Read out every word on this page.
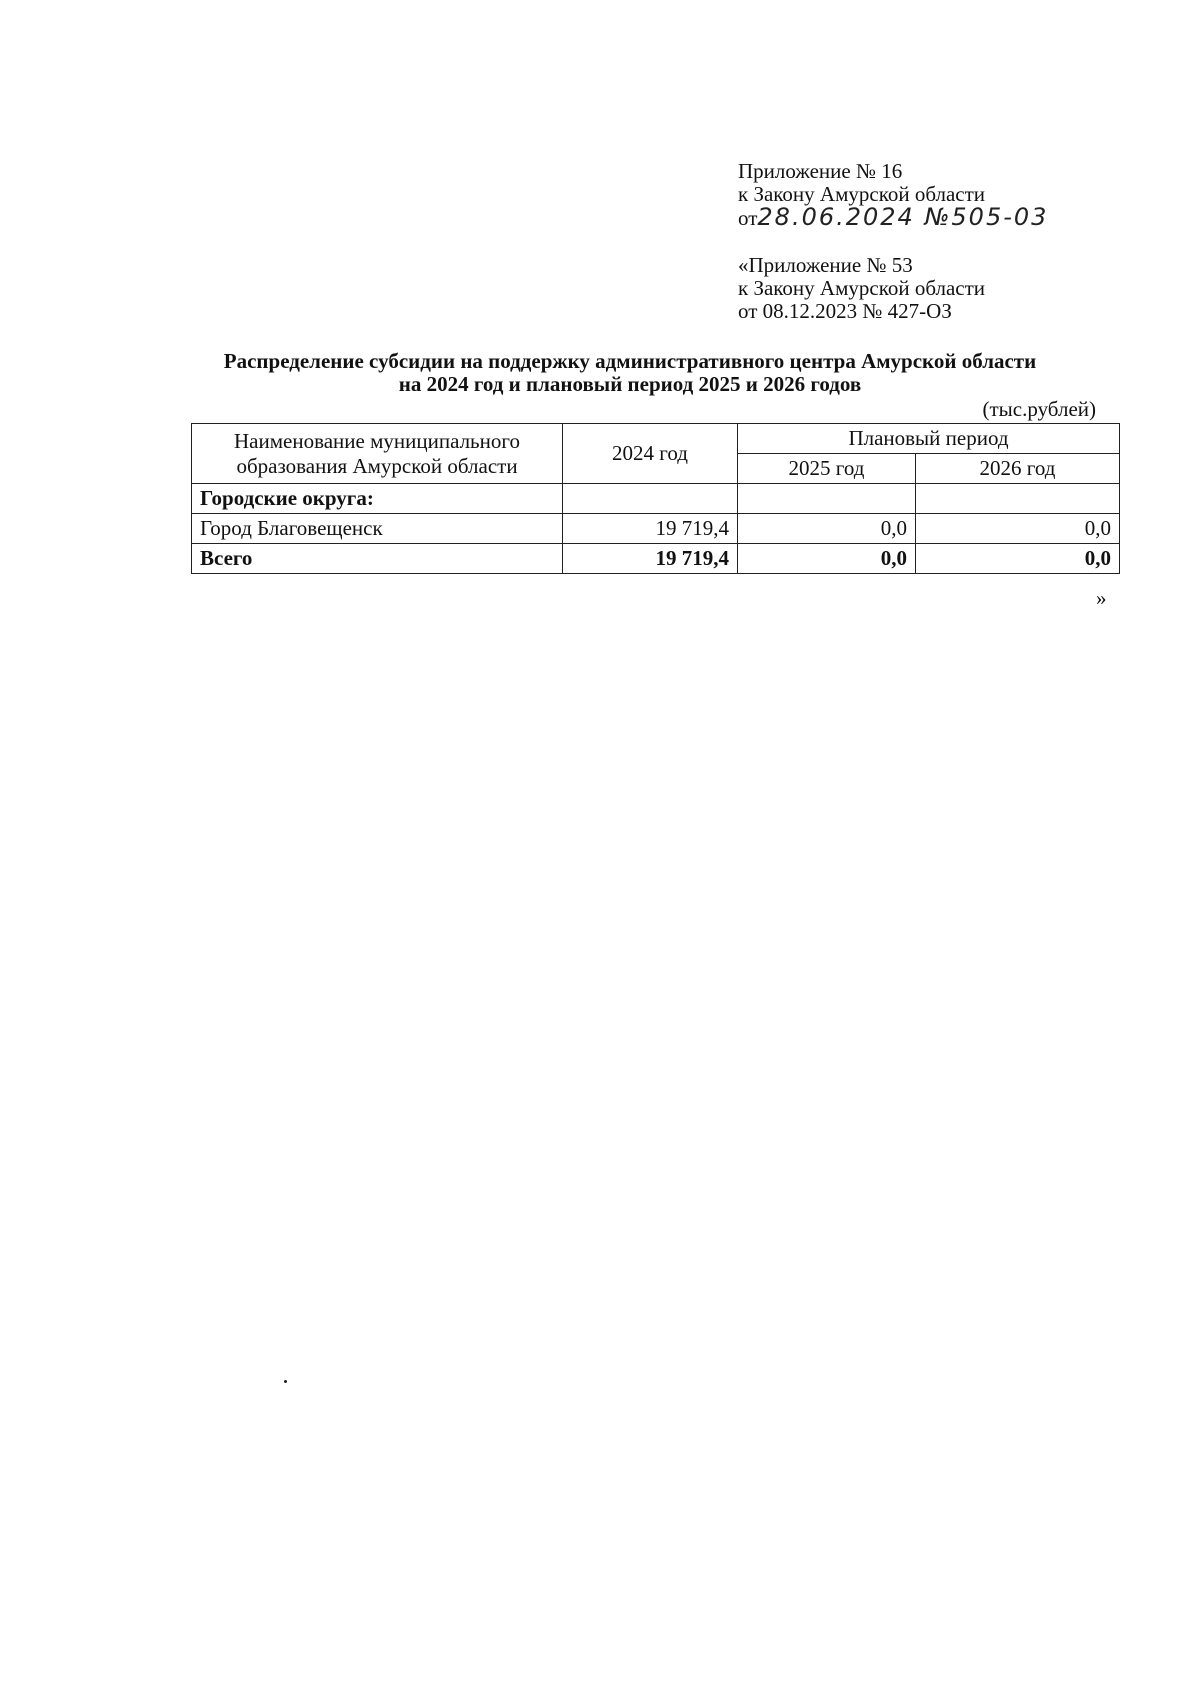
Приложение № 16
к Закону Амурской области
от28.06.2024 №505-03
«Приложение № 53
к Закону Амурской области
от 08.12.2023 № 427-ОЗ
Распределение субсидии на поддержку административного центра Амурской области
на 2024 год и плановый период 2025 и 2026 годов
(тыс.рублей)
Наименование муниципального образования Амурской области	2024 год	Плановый период	
		2025 год	2026 год
Городские округа:			
Город Благовещенск	19 719,4	0,0	0,0
Всего	19 719,4	0,0	0,0
»
